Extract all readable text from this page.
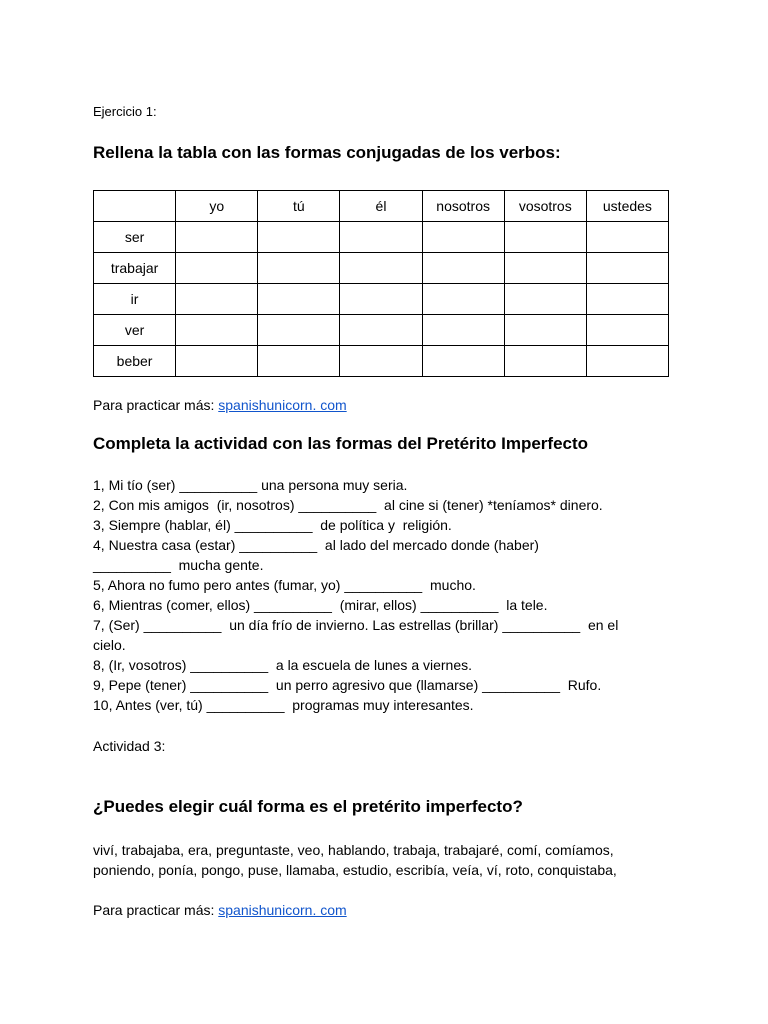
Ejercicio 1:
Rellena la tabla con las formas conjugadas de los verbos:
	yo	tú	él	nosotros	vosotros	ustedes
ser						
trabajar						
ir						
ver						
beber						
Para practicar más: spanishunicorn. com
Completa la actividad con las formas del Pretérito Imperfecto
1, Mi tío (ser) __________ una persona muy seria.
2, Con mis amigos  (ir, nosotros) __________  al cine si (tener) *teníamos* dinero.
3, Siempre (hablar, él) __________  de política y  religión.
4, Nuestra casa (estar) __________  al lado del mercado donde (haber)
__________  mucha gente.
5, Ahora no fumo pero antes (fumar, yo) __________  mucho.
6, Mientras (comer, ellos) __________  (mirar, ellos) __________  la tele.
7, (Ser) __________  un día frío de invierno. Las estrellas (brillar) __________  en el
cielo.
8, (Ir, vosotros) __________  a la escuela de lunes a viernes.
9, Pepe (tener) __________  un perro agresivo que (llamarse) __________  Rufo.
10, Antes (ver, tú) __________  programas muy interesantes.
Actividad 3:
¿Puedes elegir cuál forma es el pretérito imperfecto?
viví, trabajaba, era, preguntaste, veo, hablando, trabaja, trabajaré, comí, comíamos,
poniendo, ponía, pongo, puse, llamaba, estudio, escribía, veía, ví, roto, conquistaba,
Para practicar más: spanishunicorn. com
